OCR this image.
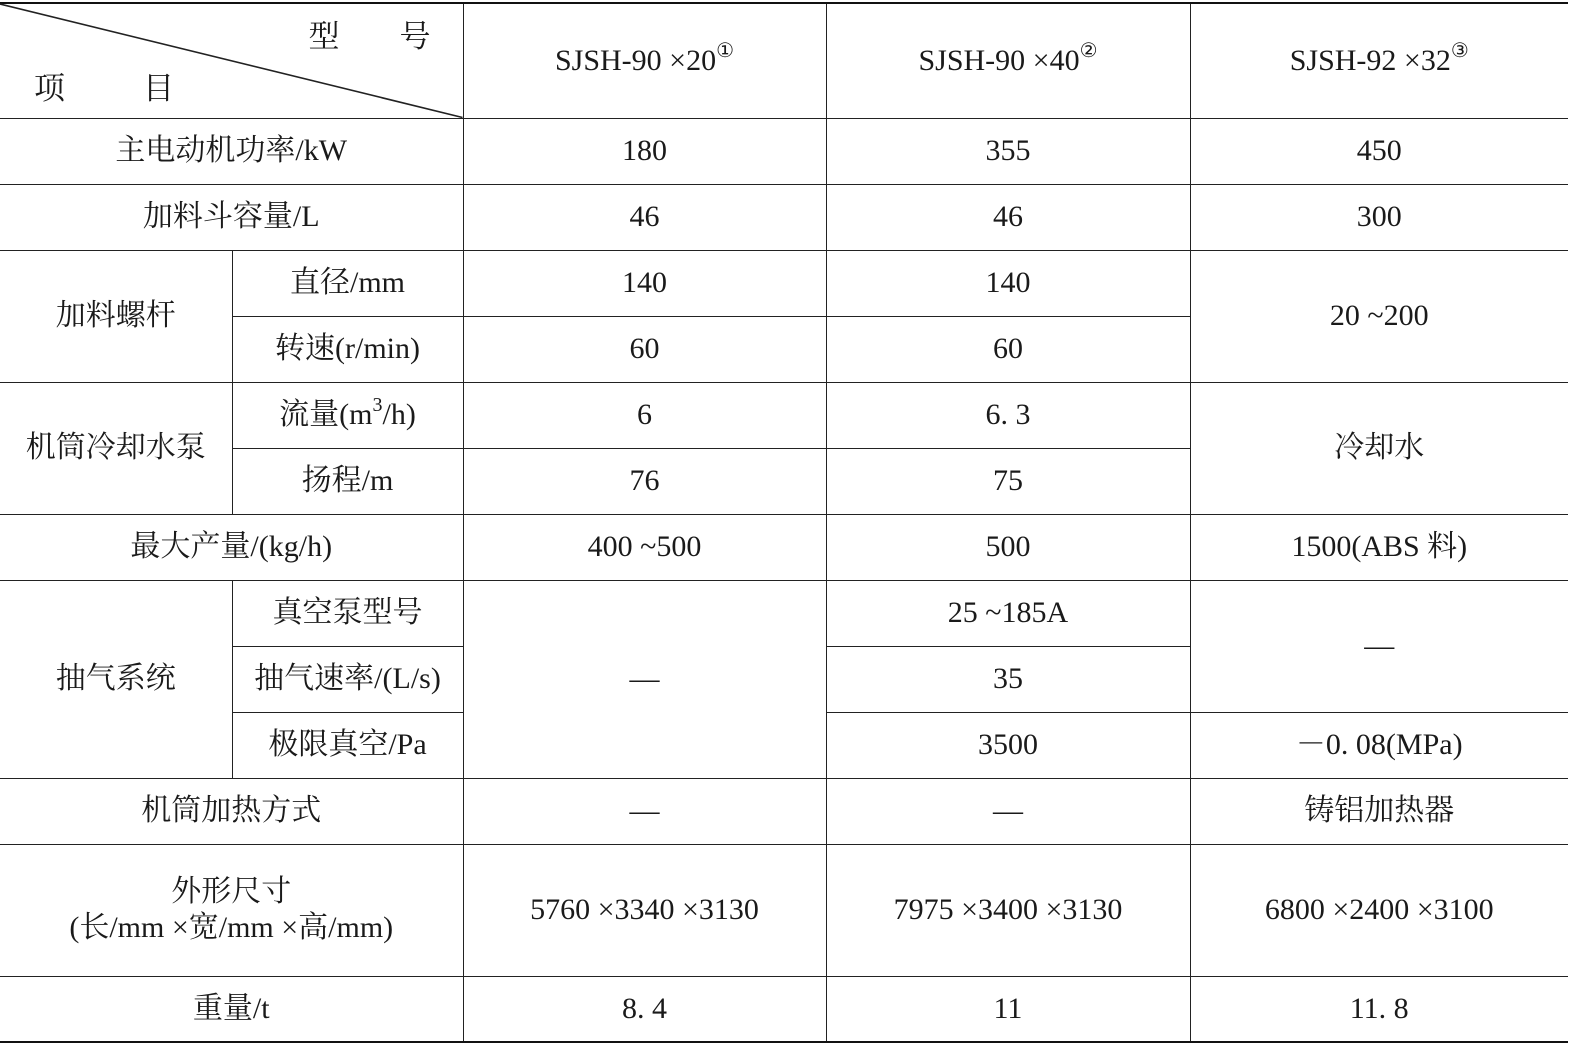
型号
项目		SJSH-90 ×20①	SJSH-90 ×40②	SJSH-92 ×32③
主电动机功率/kW		180	355	450
加料斗容量/L		46	46	300
加料螺杆	直径/mm	140	140	20 ~200
	转速(r/min)	60	60	
机筒冷却水泵	流量$(m^3/h)$	6	6. 3	冷却水
	扬程/m	76	75	
最大产量/(kg/h)		400 ~500	500	1500(ABS 料)
抽气系统	真空泵型号	—	25 ~185A	—
	抽气速率/(L/s)		35	
	极限真空/Pa		3500	－0. 08(MPa)
机筒加热方式		—	—	铸铝加热器

外形尺寸
(长/mm ×宽/mm ×高/mm)		5760 ×3340 ×3130	7975 ×3400 ×3130	6800 ×2400 ×3100
重量/t		8. 4	11	11. 8
